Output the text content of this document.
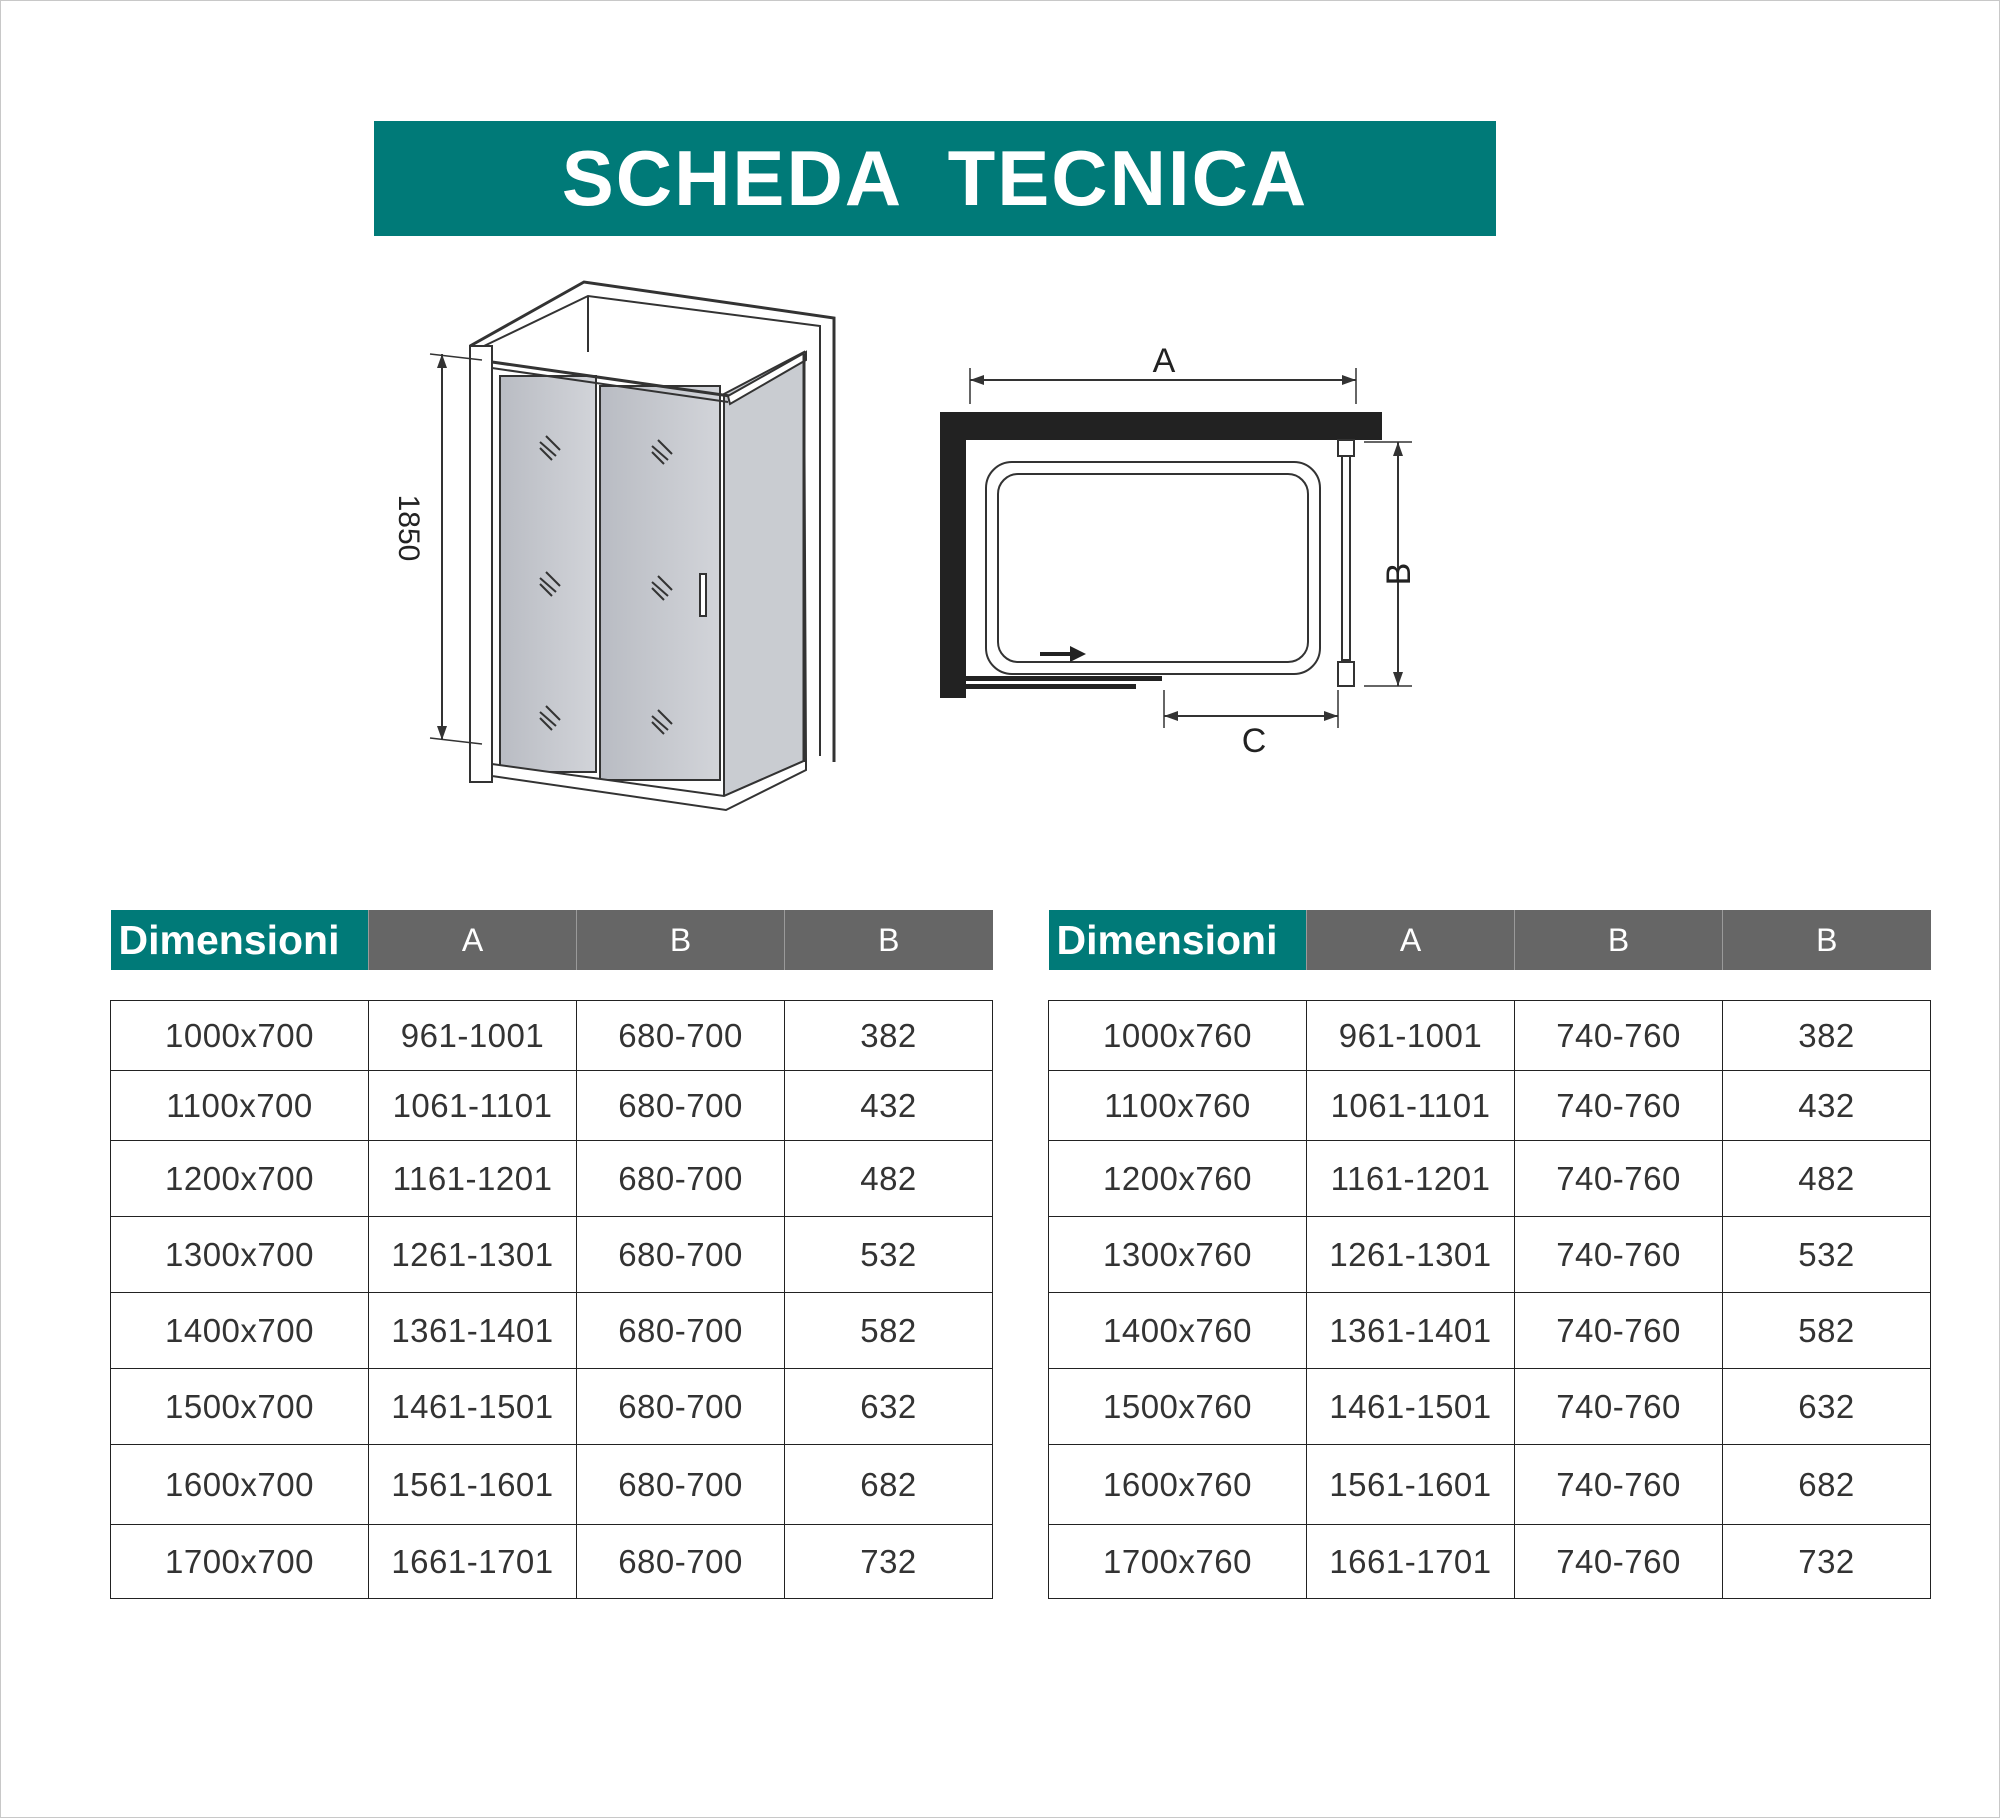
SCHEDA  TECNICA
1850
A
B
C
Dimensioni	A	B	B

1000x700	961-1001	680-700	382
1100x700	1061-1101	680-700	432
1200x700	1161-1201	680-700	482
1300x700	1261-1301	680-700	532
1400x700	1361-1401	680-700	582
1500x700	1461-1501	680-700	632
1600x700	1561-1601	680-700	682
1700x700	1661-1701	680-700	732
Dimensioni	A	B	B

1000x760	961-1001	740-760	382
1100x760	1061-1101	740-760	432
1200x760	1161-1201	740-760	482
1300x760	1261-1301	740-760	532
1400x760	1361-1401	740-760	582
1500x760	1461-1501	740-760	632
1600x760	1561-1601	740-760	682
1700x760	1661-1701	740-760	732
